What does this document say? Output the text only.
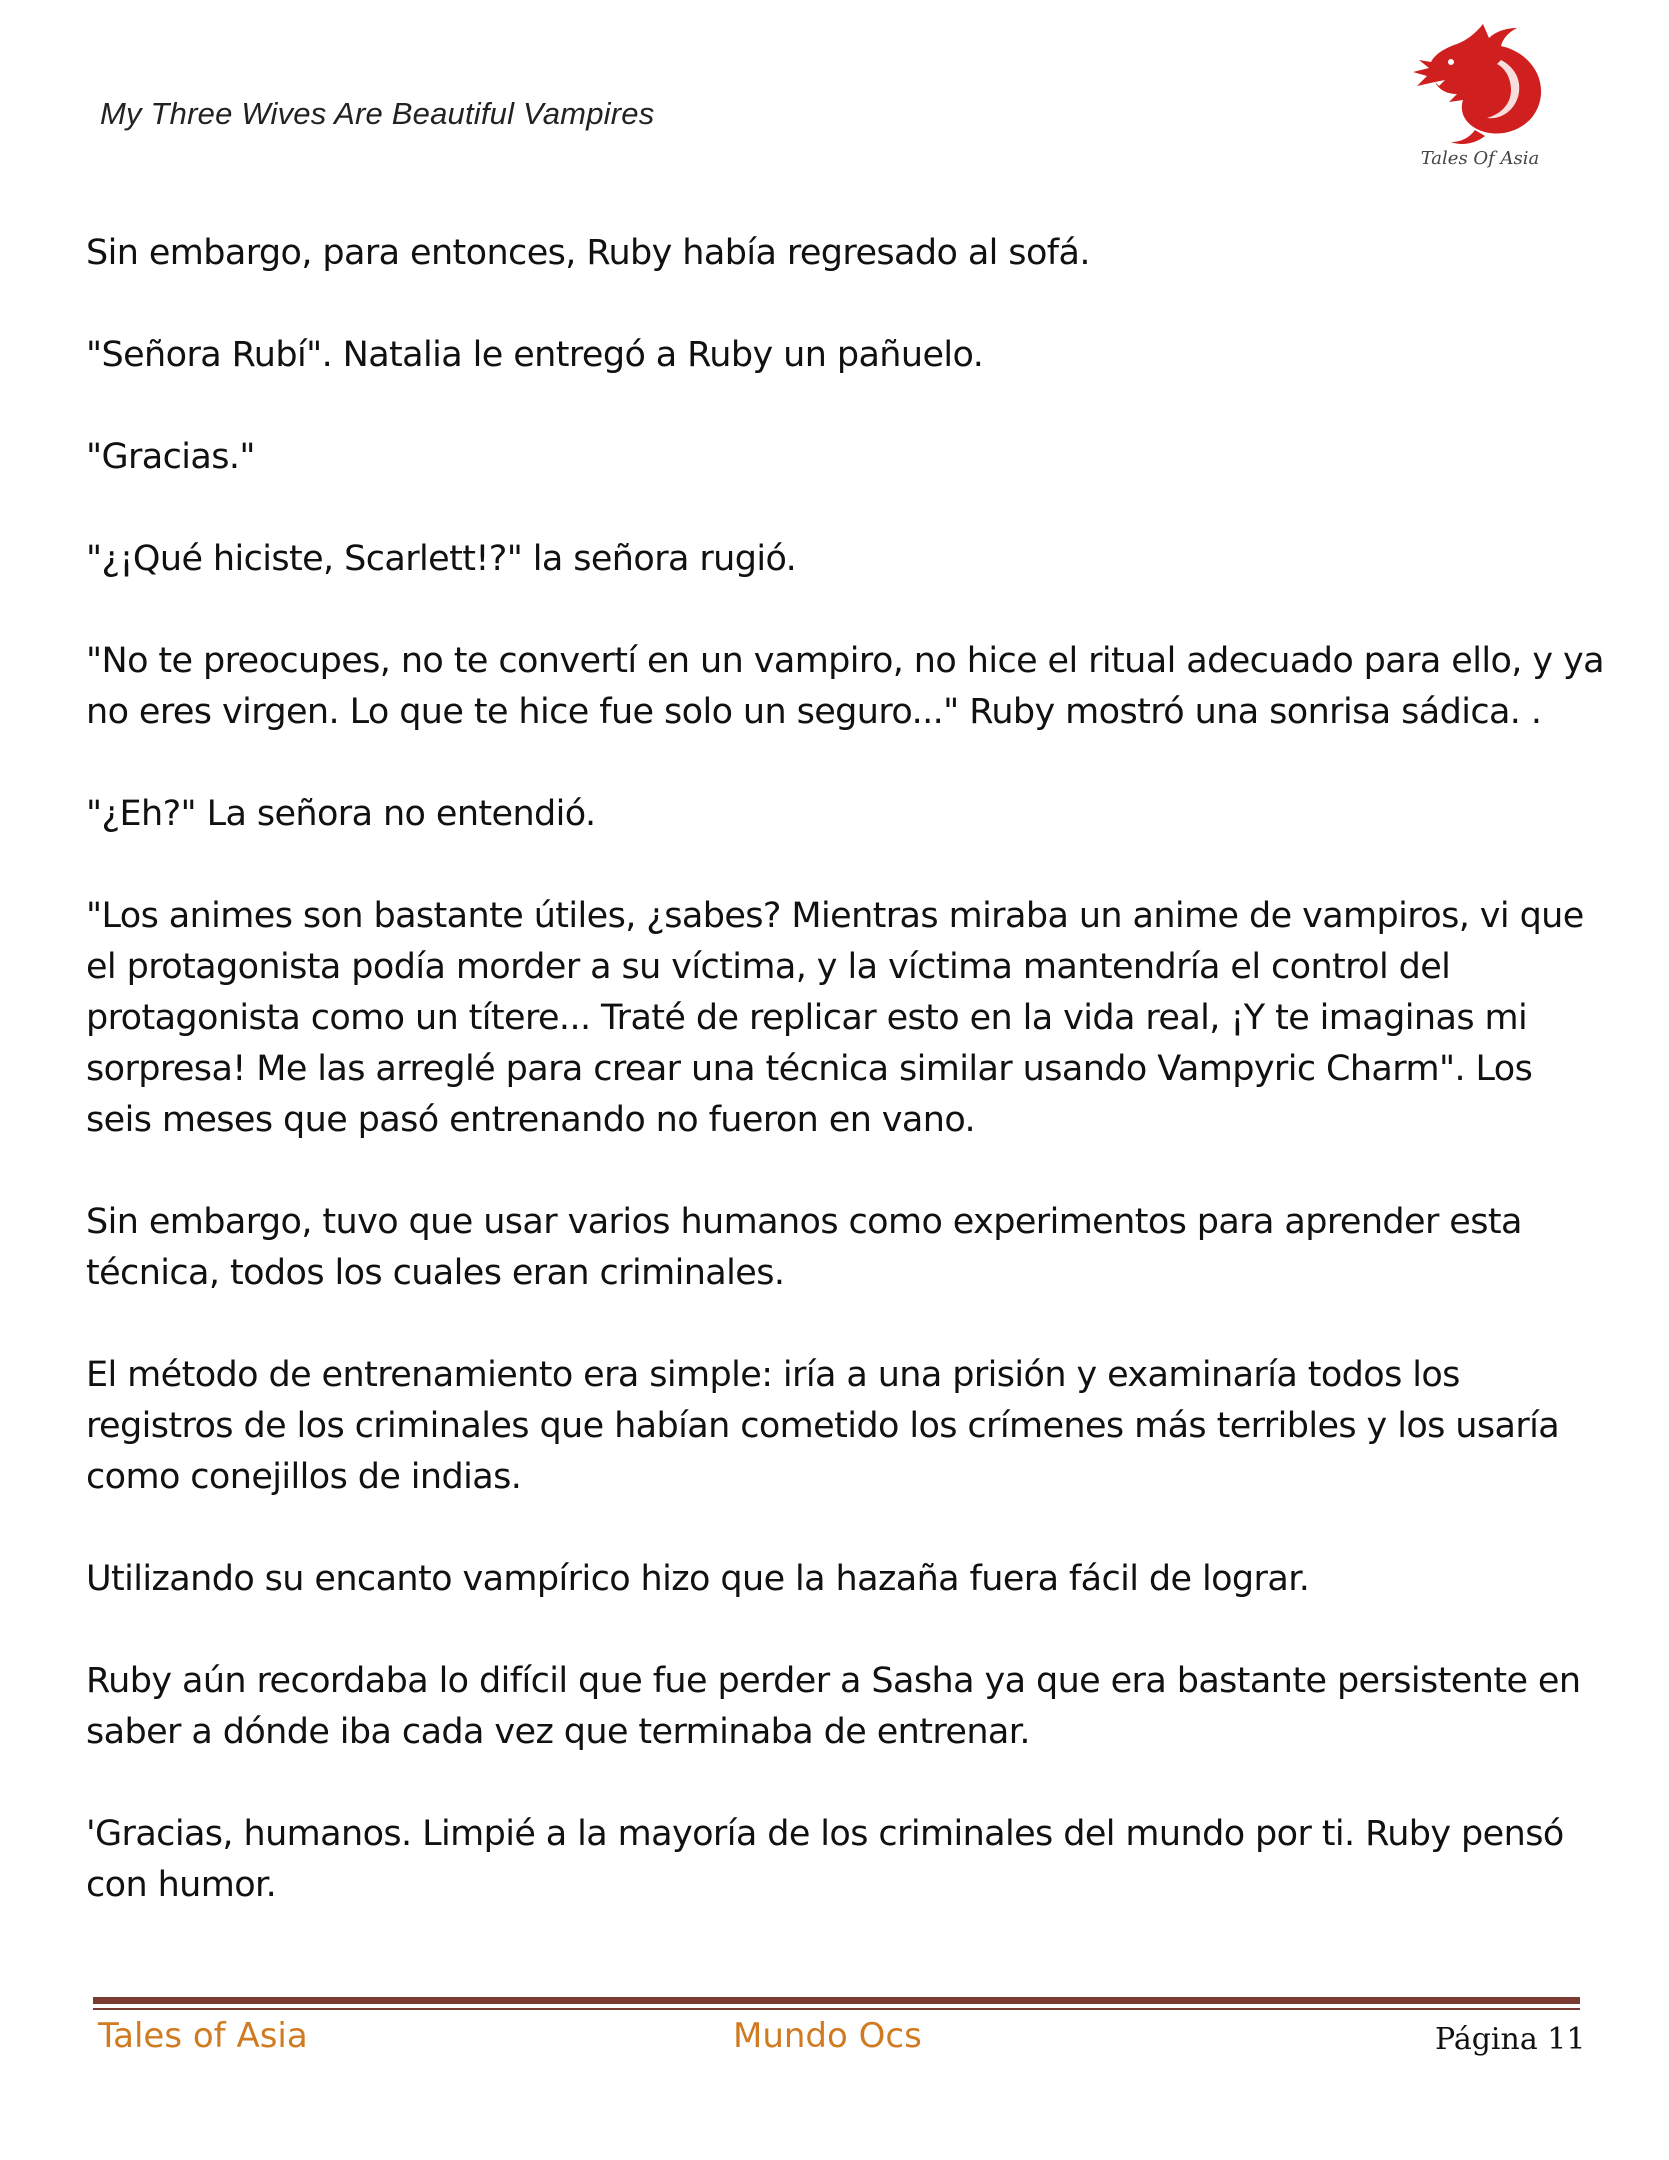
My Three Wives Are Beautiful Vampires
Tales Of Asia

Sin embargo, para entonces, Ruby había regresado al sofá.

"Señora Rubí". Natalia le entregó a Ruby un pañuelo.

"Gracias."

"¿¡Qué hiciste, Scarlett!?" la señora rugió.

"No te preocupes, no te convertí en un vampiro, no hice el ritual adecuado para ello, y ya no eres virgen. Lo que te hice fue solo un seguro..." Ruby mostró una sonrisa sádica. .

"¿Eh?" La señora no entendió.

"Los animes son bastante útiles, ¿sabes? Mientras miraba un anime de vampiros, vi que el protagonista podía morder a su víctima, y la víctima mantendría el control del protagonista como un títere... Traté de replicar esto en la vida real, ¡Y te imaginas mi sorpresa! Me las arreglé para crear una técnica similar usando Vampyric Charm". Los seis meses que pasó entrenando no fueron en vano.

Sin embargo, tuvo que usar varios humanos como experimentos para aprender esta técnica, todos los cuales eran criminales.

El método de entrenamiento era simple: iría a una prisión y examinaría todos los registros de los criminales que habían cometido los crímenes más terribles y los usaría como conejillos de indias.

Utilizando su encanto vampírico hizo que la hazaña fuera fácil de lograr.

Ruby aún recordaba lo difícil que fue perder a Sasha ya que era bastante persistente en saber a dónde iba cada vez que terminaba de entrenar.

'Gracias, humanos. Limpié a la mayoría de los criminales del mundo por ti. Ruby pensó con humor.

Tales of Asia	Mundo Ocs	Página 11
